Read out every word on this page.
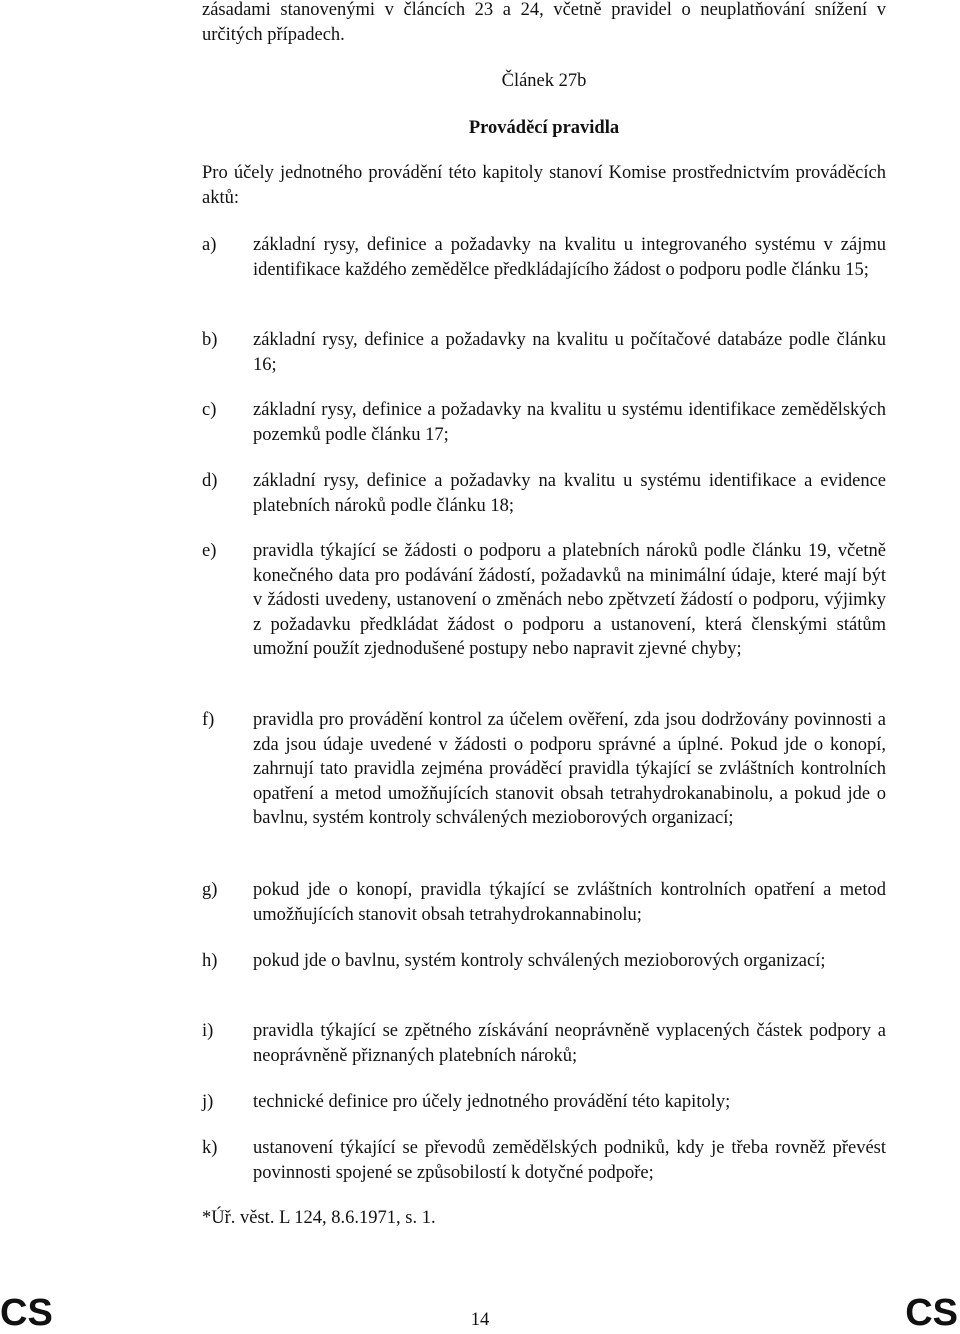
zásadami stanovenými v článcích 23 a 24, včetně pravidel o neuplatňování snížení v určitých případech.
Článek 27b
Prováděcí pravidla
Pro účely jednotného provádění této kapitoly stanoví Komise prostřednictvím prováděcích aktů:
a)	základní rysy, definice a požadavky na kvalitu u integrovaného systému v zájmu identifikace každého zemědělce předkládajícího žádost o podporu podle článku 15;
b)	základní rysy, definice a požadavky na kvalitu u počítačové databáze podle článku 16;
c)	základní rysy, definice a požadavky na kvalitu u systému identifikace zemědělských pozemků podle článku 17;
d)	základní rysy, definice a požadavky na kvalitu u systému identifikace a evidence platebních nároků podle článku 18;
e)	pravidla týkající se žádosti o podporu a platebních nároků podle článku 19, včetně konečného data pro podávání žádostí, požadavků na minimální údaje, které mají být v žádosti uvedeny, ustanovení o změnách nebo zpětvzetí žádostí o podporu, výjimky z požadavku předkládat žádost o podporu a ustanovení, která členskými státům umožní použít zjednodušené postupy nebo napravit zjevné chyby;
f)	pravidla pro provádění kontrol za účelem ověření, zda jsou dodržovány povinnosti a zda jsou údaje uvedené v žádosti o podporu správné a úplné. Pokud jde o konopí, zahrnují tato pravidla zejména prováděcí pravidla týkající se zvláštních kontrolních opatření a metod umožňujících stanovit obsah tetrahydrokanabinolu, a pokud jde o bavlnu, systém kontroly schválených mezioborových organizací;
g)	pokud jde o konopí, pravidla týkající se zvláštních kontrolních opatření a metod umožňujících stanovit obsah tetrahydrokannabinolu;
h)	pokud jde o bavlnu, systém kontroly schválených mezioborových organizací;
i)	pravidla týkající se zpětného získávání neoprávněně vyplacených částek podpory a neoprávněně přiznaných platebních nároků;
j)	technické definice pro účely jednotného provádění této kapitoly;
k)	ustanovení týkající se převodů zemědělských podniků, kdy je třeba rovněž převést povinnosti spojené se způsobilostí k dotyčné podpoře;
*Úř. věst. L 124, 8.6.1971, s. 1.
CS	14	CS
